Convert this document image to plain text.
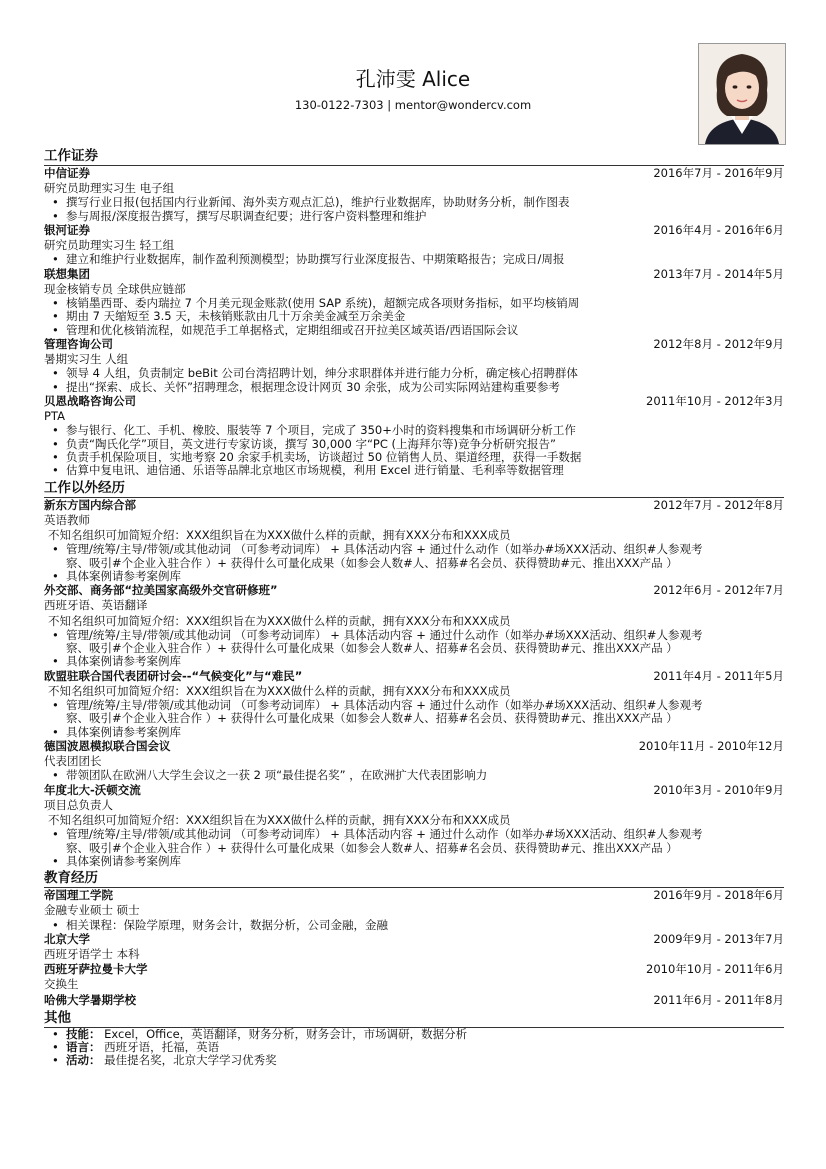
孔沛雯 Alice
130-0122-7303 | mentor@wondercv.com
工作证券
中信证券	2016年7月 - 2016年9月
研究员助理实习生 电子组
• 撰写行业日报(包括国内行业新闻、海外卖方观点汇总)，维护行业数据库，协助财务分析，制作图表
• 参与周报/深度报告撰写，撰写尽职调查纪要；进行客户资料整理和维护
银河证券	2016年4月 - 2016年6月
研究员助理实习生 轻工组
• 建立和维护行业数据库，制作盈利预测模型；协助撰写行业深度报告、中期策略报告；完成日/周报
联想集团	2013年7月 - 2014年5月
现金核销专员 全球供应链部
• 核销墨西哥、委内瑞拉 7 个月美元现金账款(使用 SAP 系统)，超额完成各项财务指标，如平均核销周
• 期由 7 天缩短至 3.5 天，未核销账款由几十万余美金减至万余美金
• 管理和优化核销流程，如规范手工单据格式，定期组细或召开拉美区域英语/西语国际会议
管理咨询公司	2012年8月 - 2012年9月
暑期实习生 人组
• 领导 4 人组，负责制定 beBit 公司台湾招聘计划，绅分求职群体并进行能力分析，确定核心招聘群体
• 提出“探索、成长、关怀”招聘理念，根据理念设计网页 30 余张，成为公司实际网站建构重要参考
贝恩战略咨询公司	2011年10月 - 2012年3月
PTA
• 参与银行、化工、手机、橡胶、服装等 7 个项目，完成了 350+小时的资料搜集和市场调研分析工作
• 负责“陶氏化学”项目，英文进行专家访谈，撰写 30,000 字“PC (上海拜尔等)竞争分析研究报告”
• 负责手机保险项目，实地考察 20 余家手机卖场，访谈超过 50 位销售人员、渠道经理，获得一手数据
• 估算中复电讯、迪信通、乐语等品牌北京地区市场规模，利用 Excel 进行销量、毛利率等数据管理
工作以外经历
新东方国内综合部	2012年7月 - 2012年8月
英语教师
不知名组织可加简短介绍：XXX组织旨在为XXX做什么样的贡献，拥有XXX分布和XXX成员
• 管理/统筹/主导/带领/或其他动词 （可参考动词库） + 具体活动内容 + 通过什么动作（如举办#场XXX活动、组织#人参观考
察、吸引#个企业入驻合作 ）+ 获得什么可量化成果（如参会人数#人、招募#名会员、获得赞助#元、推出XXX产品 ）
• 具体案例请参考案例库
外交部、商务部“拉美国家高级外交官研修班”	2012年6月 - 2012年7月
西班牙语、英语翻译
不知名组织可加简短介绍：XXX组织旨在为XXX做什么样的贡献，拥有XXX分布和XXX成员
• 管理/统筹/主导/带领/或其他动词 （可参考动词库） + 具体活动内容 + 通过什么动作（如举办#场XXX活动、组织#人参观考
察、吸引#个企业入驻合作 ）+ 获得什么可量化成果（如参会人数#人、招募#名会员、获得赞助#元、推出XXX产品 ）
• 具体案例请参考案例库
欧盟驻联合国代表团研讨会--“气候变化”与“难民”	2011年4月 - 2011年5月
不知名组织可加简短介绍：XXX组织旨在为XXX做什么样的贡献，拥有XXX分布和XXX成员
• 管理/统筹/主导/带领/或其他动词 （可参考动词库） + 具体活动内容 + 通过什么动作（如举办#场XXX活动、组织#人参观考
察、吸引#个企业入驻合作 ）+ 获得什么可量化成果（如参会人数#人、招募#名会员、获得赞助#元、推出XXX产品 ）
• 具体案例请参考案例库
德国波恩模拟联合国会议	2010年11月 - 2010年12月
代表团团长
• 带领团队在欧洲八大学生会议之一获 2 项“最佳提名奖” ，在欧洲扩大代表团影响力
年度北大-沃顿交流	2010年3月 - 2010年9月
项目总负责人
不知名组织可加简短介绍：XXX组织旨在为XXX做什么样的贡献，拥有XXX分布和XXX成员
• 管理/统筹/主导/带领/或其他动词 （可参考动词库） + 具体活动内容 + 通过什么动作（如举办#场XXX活动、组织#人参观考
察、吸引#个企业入驻合作 ）+ 获得什么可量化成果（如参会人数#人、招募#名会员、获得赞助#元、推出XXX产品 ）
• 具体案例请参考案例库
教育经历
帝国理工学院	2016年9月 - 2018年6月
金融专业硕士 硕士
• 相关课程：保险学原理，财务会计，数据分析，公司金融，金融
北京大学	2009年9月 - 2013年7月
西班牙语学士 本科
西班牙萨拉曼卡大学	2010年10月 - 2011年6月
交换生
哈佛大学暑期学校	2011年6月 - 2011年8月
其他
• 技能： Excel，Office，英语翻译，财务分析，财务会计，市场调研，数据分析
• 语言： 西班牙语，托福，英语
• 活动： 最佳提名奖，北京大学学习优秀奖
